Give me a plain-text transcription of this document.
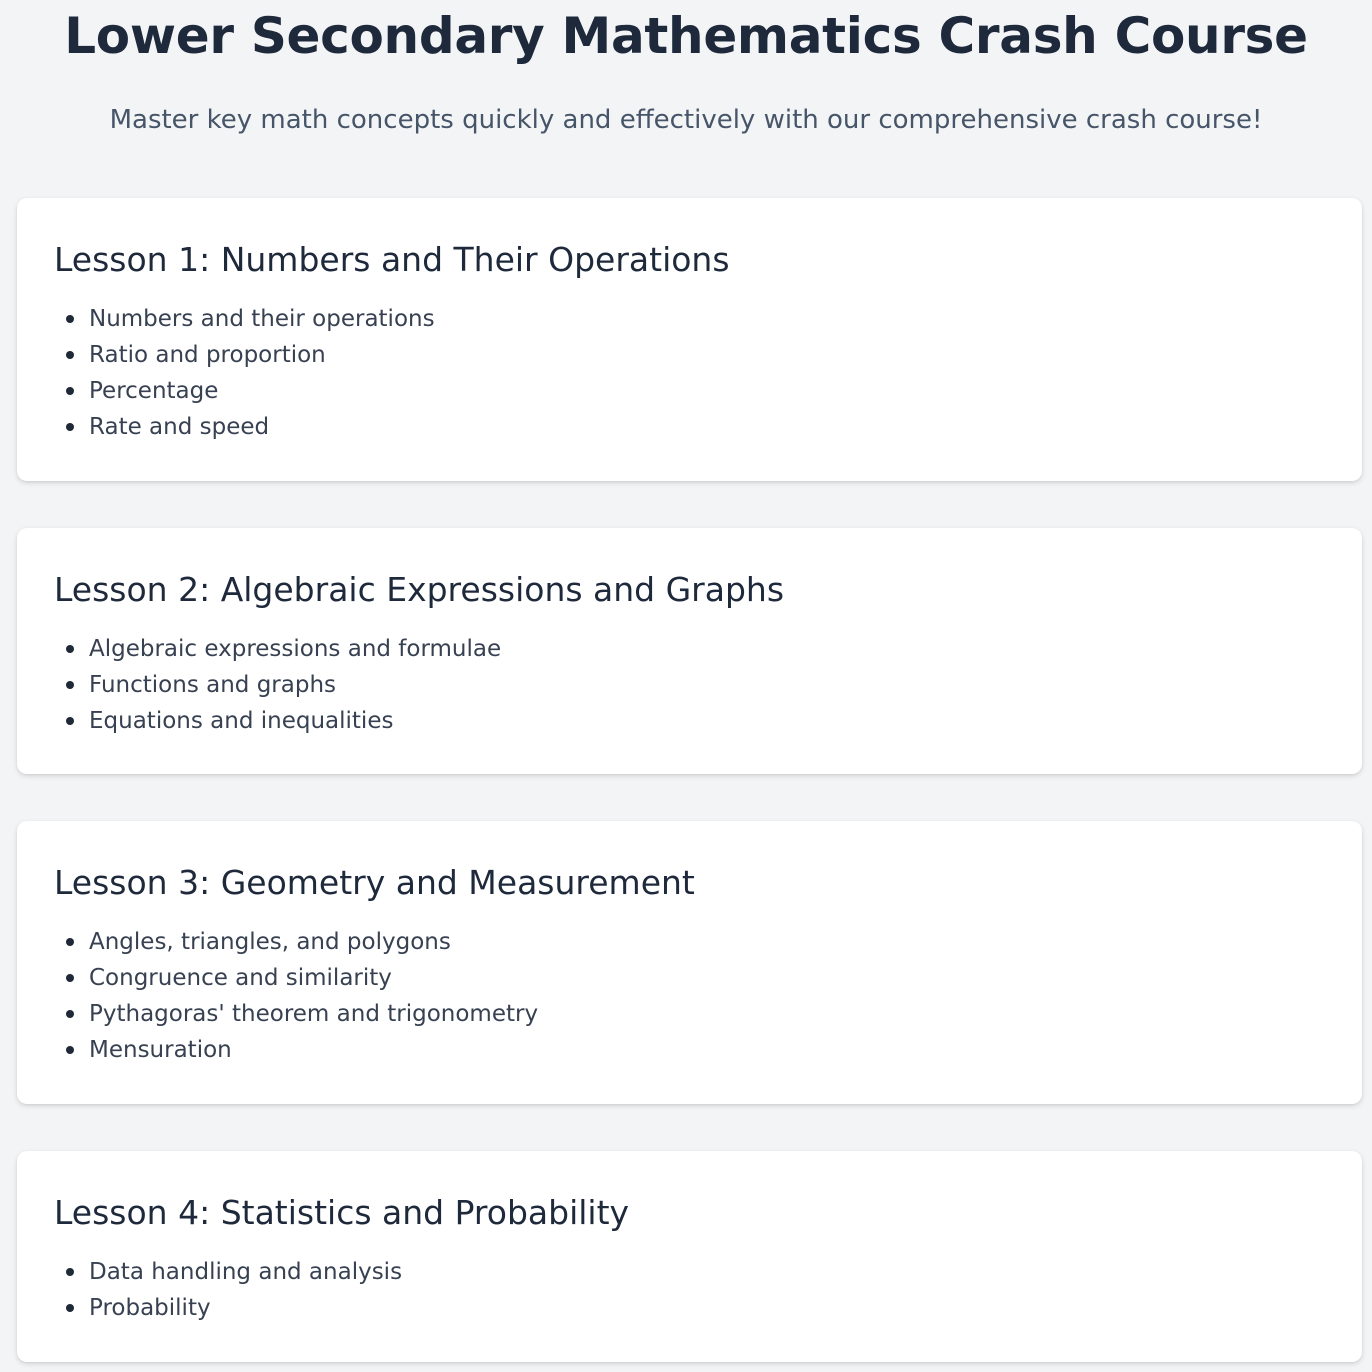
Lower Secondary Mathematics Crash Course

Master key math concepts quickly and effectively with our comprehensive crash course!

Lesson 1: Numbers and Their Operations
Numbers and their operations
Ratio and proportion
Percentage
Rate and speed
Lesson 2: Algebraic Expressions and Graphs
Algebraic expressions and formulae
Functions and graphs
Equations and inequalities
Lesson 3: Geometry and Measurement
Angles, triangles, and polygons
Congruence and similarity
Pythagoras' theorem and trigonometry
Mensuration
Lesson 4: Statistics and Probability
Data handling and analysis
Probability
